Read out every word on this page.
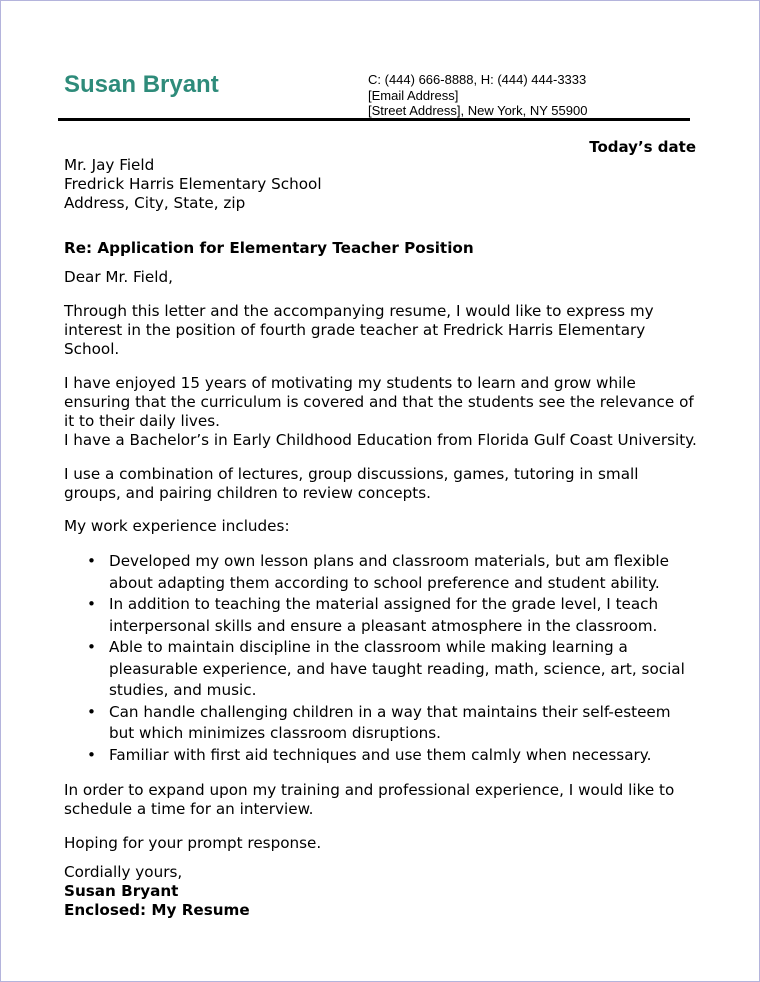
Susan Bryant	C: (444) 666-8888, H: (444) 444-3333
[Email Address]
[Street Address], New York, NY 55900
Today’s date
Mr. Jay Field
Fredrick Harris Elementary School
Address, City, State, zip

Re: Application for Elementary Teacher Position

Dear Mr. Field,

Through this letter and the accompanying resume, I would like to express my interest in the position of fourth grade teacher at Fredrick Harris Elementary School.

I have enjoyed 15 years of motivating my students to learn and grow while ensuring that the curriculum is covered and that the students see the relevance of it to their daily lives.
I have a Bachelor’s in Early Childhood Education from Florida Gulf Coast University.

I use a combination of lectures, group discussions, games, tutoring in small groups, and pairing children to review concepts.

My work experience includes:

• Developed my own lesson plans and classroom materials, but am flexible about adapting them according to school preference and student ability.
• In addition to teaching the material assigned for the grade level, I teach interpersonal skills and ensure a pleasant atmosphere in the classroom.
• Able to maintain discipline in the classroom while making learning a pleasurable experience, and have taught reading, math, science, art, social studies, and music.
• Can handle challenging children in a way that maintains their self-esteem but which minimizes classroom disruptions.
• Familiar with first aid techniques and use them calmly when necessary.

In order to expand upon my training and professional experience, I would like to schedule a time for an interview.

Hoping for your prompt response.

Cordially yours,
Susan Bryant
Enclosed: My Resume
